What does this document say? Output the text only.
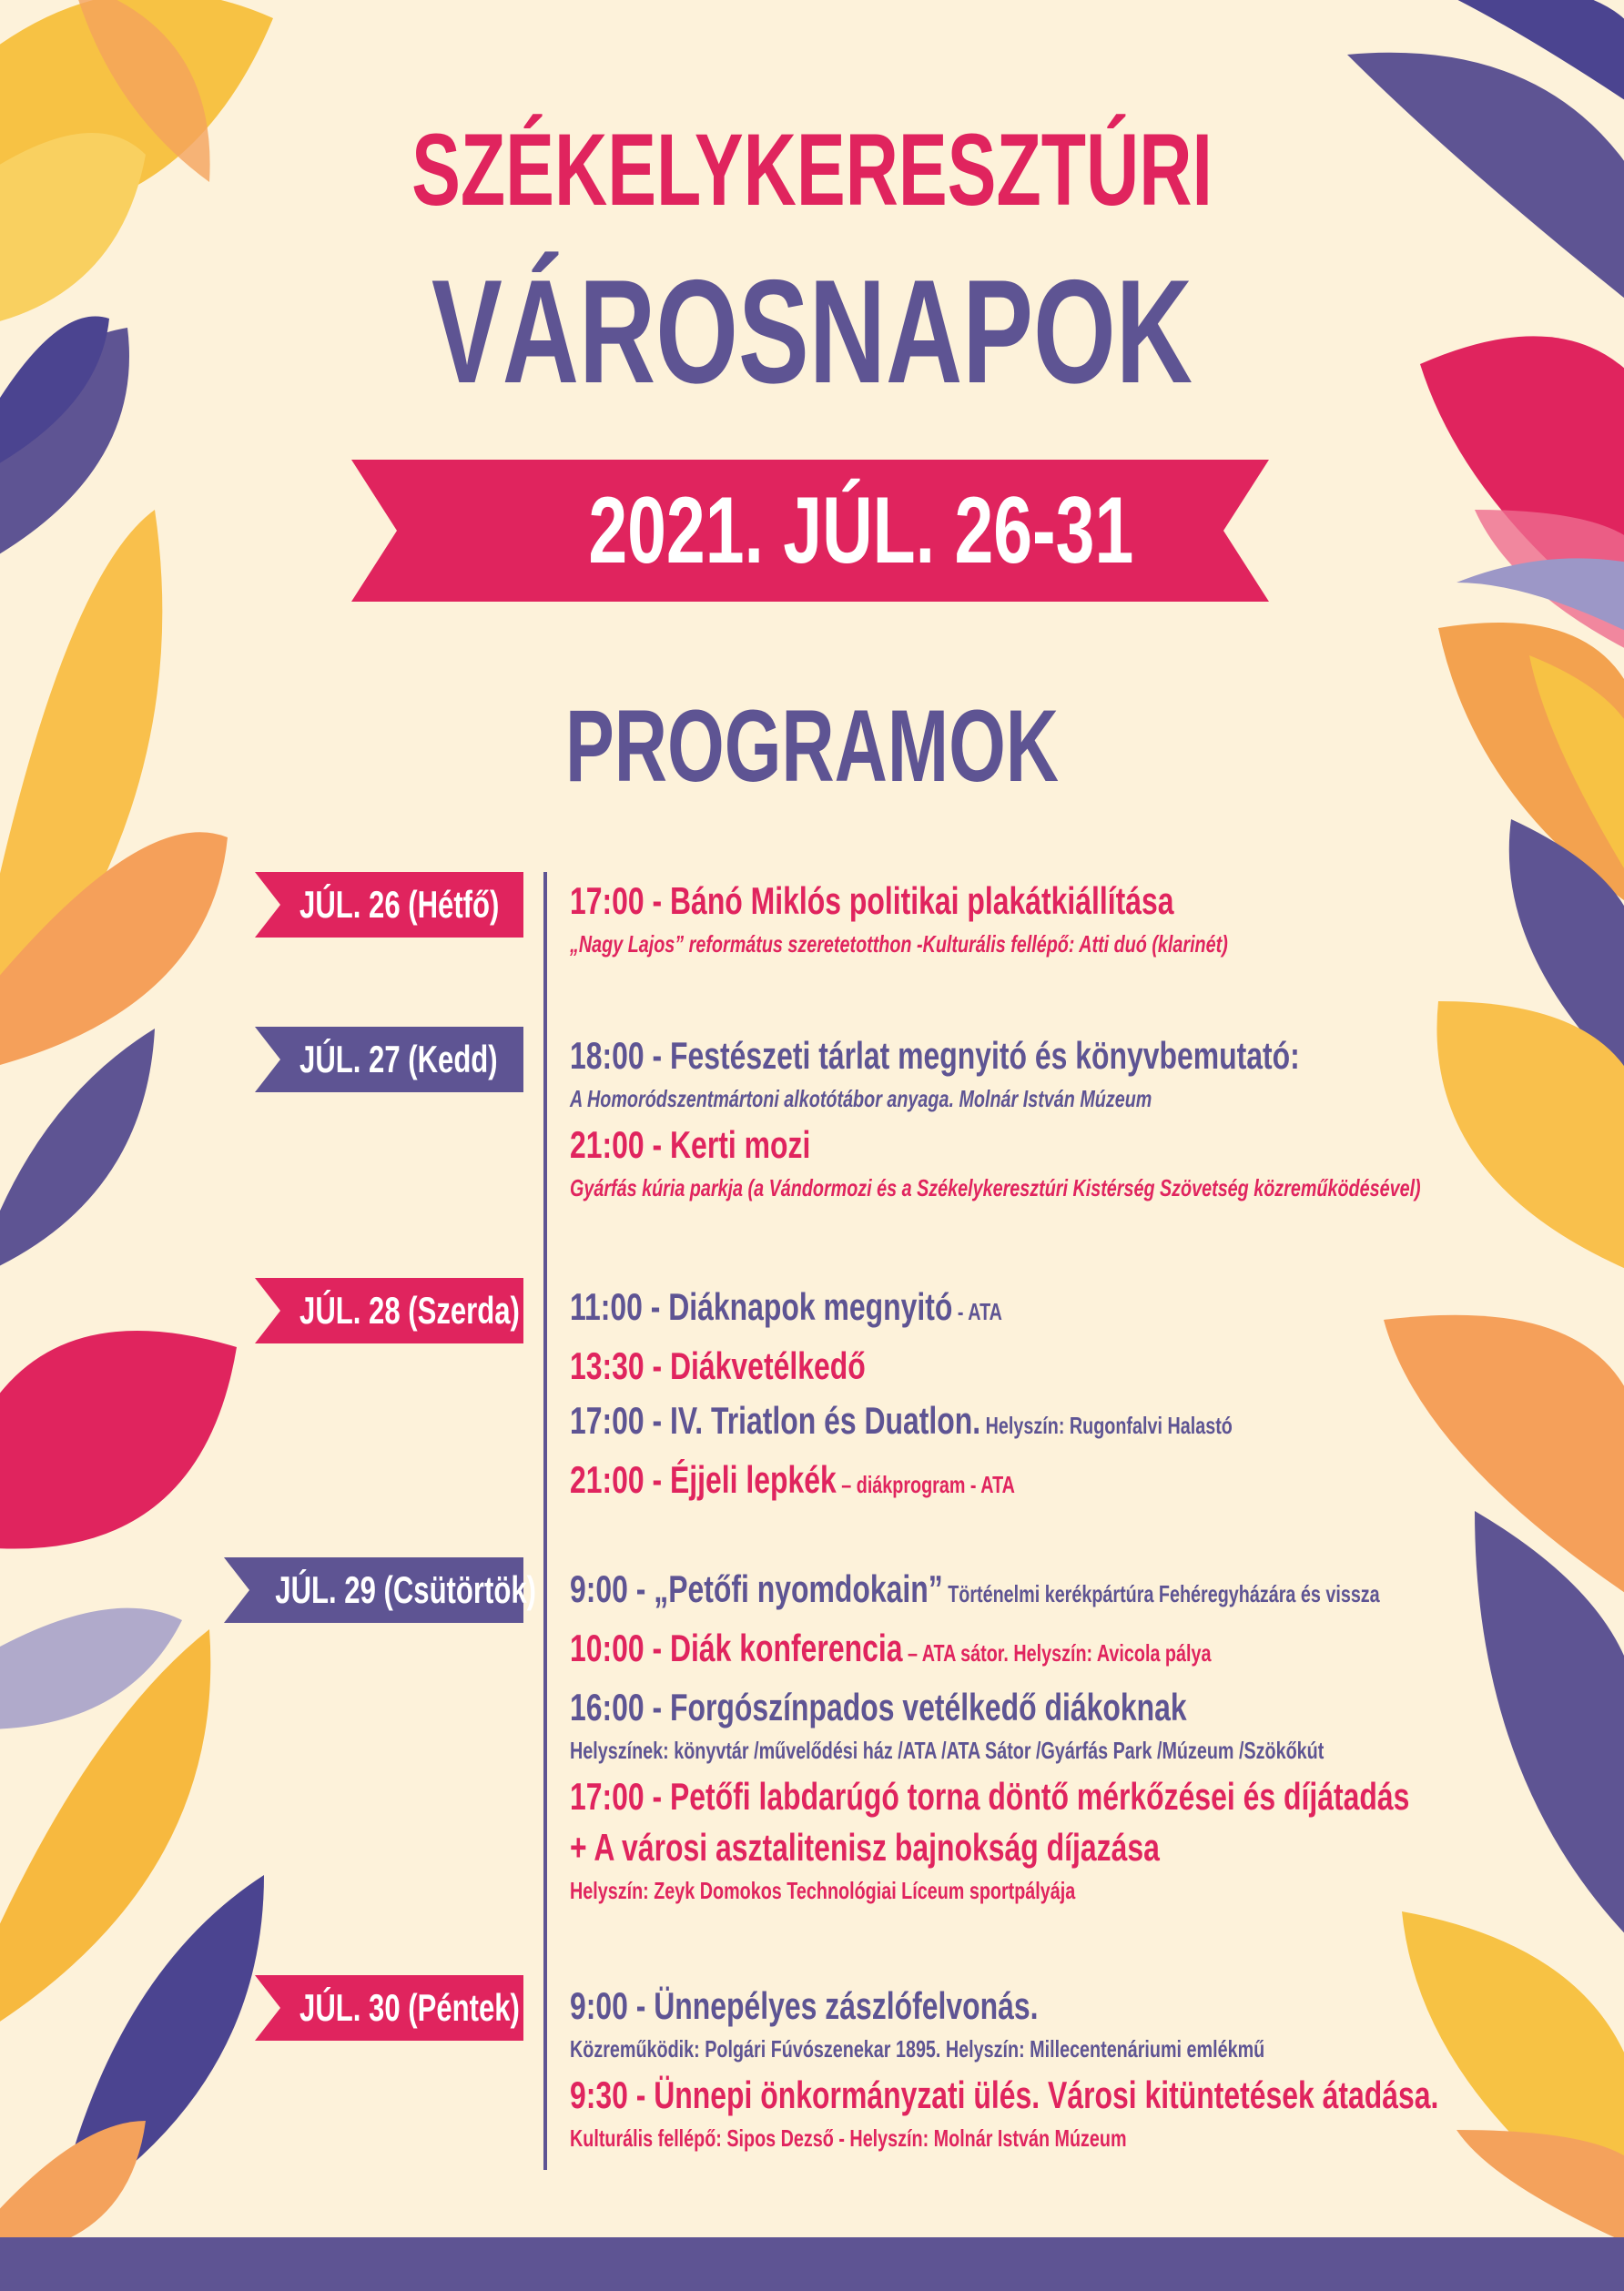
SZÉKELYKERESZTÚRI
VÁROSNAPOK
2021. JÚL. 26-31
PROGRAMOK
JÚL. 26 (Hétfő)
JÚL. 27 (Kedd)
JÚL. 28 (Szerda)
JÚL. 29 (Csütörtök)
JÚL. 30 (Péntek)
17:00 - Bánó Miklós politikai plakátkiállítása
„Nagy Lajos” református szeretetotthon -Kulturális fellépő: Atti duó (klarinét)
18:00 - Festészeti tárlat megnyitó és könyvbemutató:
A Homoródszentmártoni alkotótábor anyaga. Molnár István Múzeum
21:00 - Kerti mozi
Gyárfás kúria parkja (a Vándormozi és a Székelykeresztúri Kistérség Szövetség közreműködésével)
11:00 - Diáknapok megnyitó - ATA
13:30 - Diákvetélkedő
17:00 - IV. Triatlon és Duatlon. Helyszín: Rugonfalvi Halastó
21:00 - Éjjeli lepkék – diákprogram - ATA
9:00 - „Petőfi nyomdokain” Történelmi kerékpártúra Fehéregyházára és vissza
10:00 - Diák konferencia – ATA sátor. Helyszín: Avicola pálya
16:00 - Forgószínpados vetélkedő diákoknak
Helyszínek: könyvtár /művelődési ház /ATA /ATA Sátor /Gyárfás Park /Múzeum /Szökőkút
17:00 - Petőfi labdarúgó torna döntő mérkőzései és díjátadás
+ A városi asztalitenisz bajnokság díjazása
Helyszín: Zeyk Domokos Technológiai Líceum sportpályája
9:00 - Ünnepélyes zászlófelvonás.
Közreműködik: Polgári Fúvószenekar 1895. Helyszín: Millecentenáriumi emlékmű
9:30 - Ünnepi önkormányzati ülés. Városi kitüntetések átadása.
Kulturális fellépő: Sipos Dezső - Helyszín: Molnár István Múzeum
